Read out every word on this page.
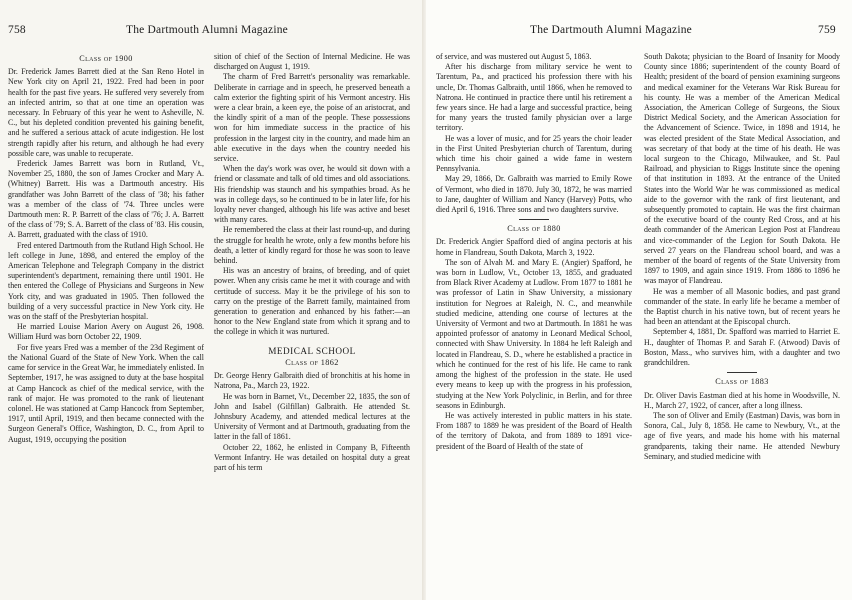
758	The Dartmouth Alumni Magazine
Class of 1900

Dr. Frederick James Barrett died at the San Reno Hotel in New York city on April 21, 1922. Fred had been in poor health for the past five years. He suffered very severely from an infected antrim, so that at one time an operation was necessary. In February of this year he went to Asheville, N. C., but his depleted condition prevented his gaining benefit, and he suffered a serious attack of acute indigestion. He lost strength rapidly after his return, and although he had every possible care, was unable to recuperate.

Frederick James Barrett was born in Rutland, Vt., November 25, 1880, the son of James Crocker and Mary A. (Whitney) Barrett. His was a Dartmouth ancestry. His grandfather was John Barrett of the class of '38; his father was a member of the class of '74. Three uncles were Dartmouth men: R. P. Barrett of the class of '76; J. A. Barrett of the class of '79; S. A. Barrett of the class of '83. His cousin, A. Barrett, graduated with the class of 1910.

Fred entered Dartmouth from the Rutland High School. He left college in June, 1898, and entered the employ of the American Telephone and Telegraph Company in the district superintendent's department, remaining there until 1901. He then entered the College of Physicians and Surgeons in New York city, and was graduated in 1905. Then followed the building of a very successful practice in New York city. He was on the staff of the Presbyterian hospital.

He married Louise Marion Avery on August 26, 1908. William Hurd was born October 22, 1909.

For five years Fred was a member of the 23d Regiment of the National Guard of the State of New York. When the call came for service in the Great War, he immediately enlisted. In September, 1917, he was assigned to duty at the base hospital at Camp Hancock as chief of the medical service, with the rank of major. He was promoted to the rank of lieutenant colonel. He was stationed at Camp Hancock from September, 1917, until April, 1919, and then became connected with the Surgeon General's Office, Washington, D. C., from April to August, 1919, occupying the position

sition of chief of the Section of Internal Medicine. He was discharged on August 1, 1919.

The charm of Fred Barrett's personality was remarkable. Deliberate in carriage and in speech, he preserved beneath a calm exterior the fighting spirit of his Vermont ancestry. His were a clear brain, a keen eye, the poise of an aristocrat, and the kindly spirit of a man of the people. These possessions won for him immediate success in the practice of his profession in the largest city in the country, and made him an able executive in the days when the country needed his service.

When the day's work was over, he would sit down with a friend or classmate and talk of old times and old associations. His friendship was staunch and his sympathies broad. As he was in college days, so he continued to be in later life, for his loyalty never changed, although his life was active and beset with many cares.

He remembered the class at their last round-up, and during the struggle for health he wrote, only a few months before his death, a letter of kindly regard for those he was soon to leave behind.

His was an ancestry of brains, of breeding, and of quiet power. When any crisis came he met it with courage and with certitude of success. May it be the privilege of his son to carry on the prestige of the Barrett family, maintained from generation to generation and enhanced by his father:—an honor to the New England state from which it sprang and to the college in which it was nurtured.

MEDICAL SCHOOL
Class of 1862

Dr. George Henry Galbraith died of bronchitis at his home in Natrona, Pa., March 23, 1922.

He was born in Barnet, Vt., December 22, 1835, the son of John and Isabel (Gilfillan) Galbraith. He attended St. Johnsbury Academy, and attended medical lectures at the University of Vermont and at Dartmouth, graduating from the latter in the fall of 1861.

October 22, 1862, he enlisted in Company B, Fifteenth Vermont Infantry. He was detailed on hospital duty a great part of his term

The Dartmouth Alumni Magazine	759

of service, and was mustered out August 5, 1863.

After his discharge from military service he went to Tarentum, Pa., and practiced his profession there with his uncle, Dr. Thomas Galbraith, until 1866, when he removed to Natrona. He continued in practice there until his retirement a few years since. He had a large and successful practice, being for many years the trusted family physician over a large territory.

He was a lover of music, and for 25 years the choir leader in the First United Presbyterian church of Tarentum, during which time his choir gained a wide fame in western Pennsylvania.

May 29, 1866, Dr. Galbraith was married to Emily Rowe of Vermont, who died in 1870. July 30, 1872, he was married to Jane, daughter of William and Nancy (Harvey) Potts, who died April 6, 1916. Three sons and two daughters survive.

Class of 1880

Dr. Frederick Angier Spafford died of angina pectoris at his home in Flandreau, South Dakota, March 3, 1922.

The son of Alvah M. and Mary E. (Angier) Spafford, he was born in Ludlow, Vt., October 13, 1855, and graduated from Black River Academy at Ludlow. From 1877 to 1881 he was professor of Latin in Shaw University, a missionary institution for Negroes at Raleigh, N. C., and meanwhile studied medicine, attending one course of lectures at the University of Vermont and two at Dartmouth. In 1881 he was appointed professor of anatomy in Leonard Medical School, connected with Shaw University. In 1884 he left Raleigh and located in Flandreau, S. D., where he established a practice in which he continued for the rest of his life. He came to rank among the highest of the profession in the state. He used every means to keep up with the progress in his profession, studying at the New York Polyclinic, in Berlin, and for three seasons in Edinburgh.

He was actively interested in public matters in his state. From 1887 to 1889 he was president of the Board of Health of the territory of Dakota, and from 1889 to 1891 vice-president of the Board of Health of the state of

South Dakota; physician to the Board of Insanity for Moody County since 1886; superintendent of the county Board of Health; president of the board of pension examining surgeons and medical examiner for the Veterans War Risk Bureau for his county. He was a member of the American Medical Association, the American College of Surgeons, the Sioux District Medical Society, and the American Association for the Advancement of Science. Twice, in 1898 and 1914, he was elected president of the State Medical Association, and was secretary of that body at the time of his death. He was local surgeon to the Chicago, Milwaukee, and St. Paul Railroad, and physician to Riggs Institute since the opening of that institution in 1893. At the entrance of the United States into the World War he was commissioned as medical aide to the governor with the rank of first lieutenant, and subsequently promoted to captain. He was the first chairman of the executive board of the county Red Cross, and at his death commander of the American Legion Post at Flandreau and vice-commander of the Legion for South Dakota. He served 27 years on the Flandreau school board, and was a member of the board of regents of the State University from 1897 to 1909, and again since 1919. From 1886 to 1896 he was mayor of Flandreau.

He was a member of all Masonic bodies, and past grand commander of the state. In early life he became a member of the Baptist church in his native town, but of recent years he had been an attendant at the Episcopal church.

September 4, 1881, Dr. Spafford was married to Harriet E. H., daughter of Thomas P. and Sarah F. (Atwood) Davis of Boston, Mass., who survives him, with a daughter and two grandchildren.

Class of 1883

Dr. Oliver Davis Eastman died at his home in Woodsville, N. H., March 27, 1922, of cancer, after a long illness.

The son of Oliver and Emily (Eastman) Davis, was born in Sonora, Cal., July 8, 1858. He came to Newbury, Vt., at the age of five years, and made his home with his maternal grandparents, taking their name. He attended Newbury Seminary, and studied medicine with
